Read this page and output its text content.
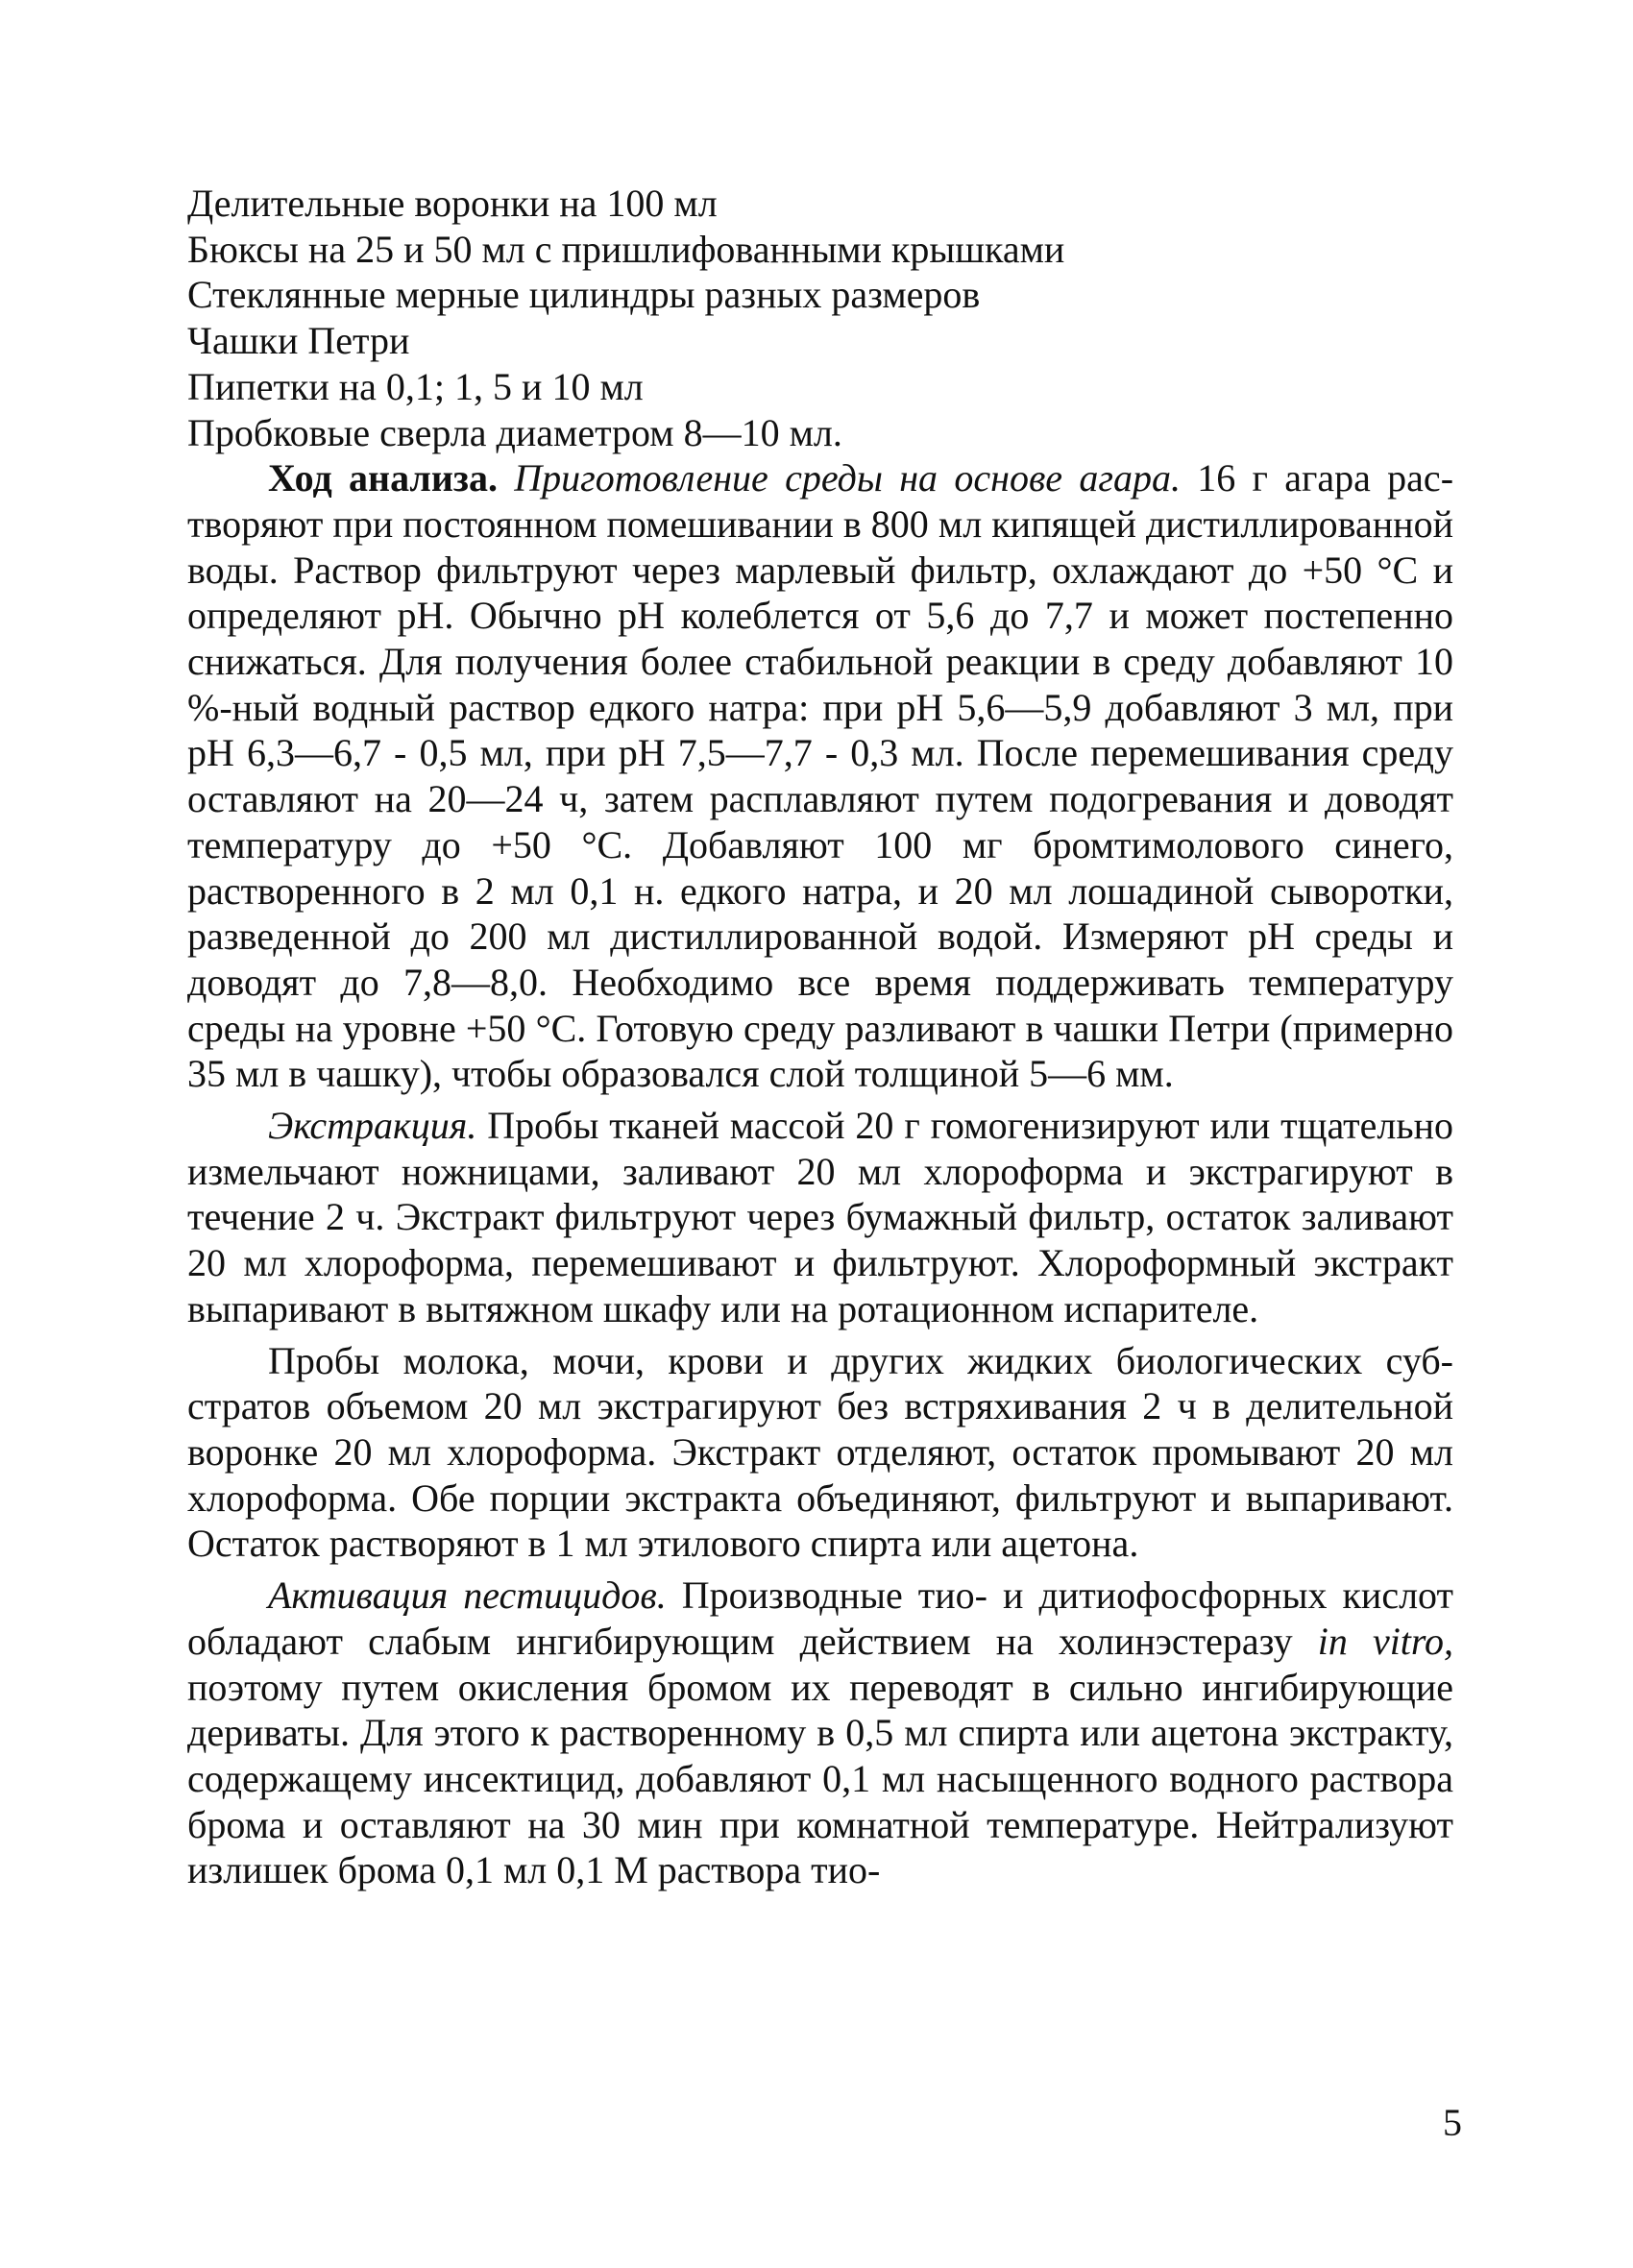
Делительные воронки на 100 мл

Бюксы на 25 и 50 мл с пришлифованными крышками

Стеклянные мерные цилиндры разных размеров

Чашки Петри

Пипетки на 0,1; 1, 5 и 10 мл

Пробковые сверла диаметром 8—10 мл.

Ход анализа. Приготовление среды на основе агара. 16 г агара растворяют при постоянном помешивании в 800 мл кипящей дистиллированной воды. Раствор фильтруют через марлевый фильтр, охлаждают до +50 °С и определяют pH. Обычно pH колеблется от 5,6 до 7,7 и может постепенно снижаться. Для получения более стабильной реакции в среду добавляют 10 %-ный водный раствор едкого натра: при pH 5,6—5,9 добавляют 3 мл, при pH 6,3—6,7 - 0,5 мл, при pH 7,5—7,7 - 0,3 мл. После перемешивания среду оставляют на 20—24 ч, затем расплавляют путем подогревания и доводят температуру до +50 °С. Добавляют 100 мг бромтимолового синего, растворенного в 2 мл 0,1 н. едкого натра, и 20 мл лошадиной сыворотки, разведенной до 200 мл дистиллированной водой. Измеряют pH среды и доводят до 7,8—8,0. Необходимо все время поддерживать температуру среды на уровне +50 °С. Готовую среду разливают в чашки Петри (примерно 35 мл в чашку), чтобы образовался слой толщиной 5—6 мм.

Экстракция. Пробы тканей массой 20 г гомогенизируют или тщательно измельчают ножницами, заливают 20 мл хлороформа и экстрагируют в течение 2 ч. Экстракт фильтруют через бумажный фильтр, остаток заливают 20 мл хлороформа, перемешивают и фильтруют. Хлороформный экстракт выпаривают в вытяжном шкафу или на ротационном испарителе.

Пробы молока, мочи, крови и других жидких биологических субстратов объемом 20 мл экстрагируют без встряхивания 2 ч в делительной воронке 20 мл хлороформа. Экстракт отделяют, остаток промывают 20 мл хлороформа. Обе порции экстракта объединяют, фильтруют и выпаривают. Остаток растворяют в 1 мл этилового спирта или ацетона.

Активация пестицидов. Производные тио- и дитиофосфорных кислот обладают слабым ингибирующим действием на холинэстеразу in vitro, поэтому путем окисления бромом их переводят в сильно ингибирующие дериваты. Для этого к растворенному в 0,5 мл спирта или ацетона экстракту, содержащему инсектицид, добавляют 0,1 мл насыщенного водного раствора брома и оставляют на 30 мин при комнатной температуре. Нейтрализуют излишек брома 0,1 мл 0,1 М раствора тио-

5
